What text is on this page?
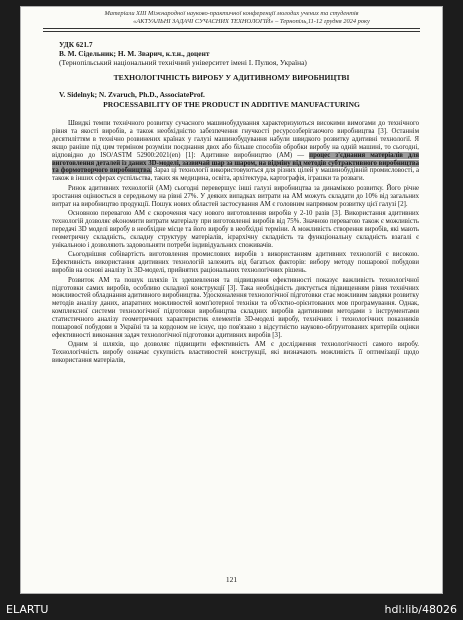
Матеріали XIII Міжнародної науково-практичної конференції молодих учених та студентів
«АКТУАЛЬНІ ЗАДАЧІ СУЧАСНИХ ТЕХНОЛОГІЙ» – Тернопіль,11-12 грудня 2024 року
УДК 621.7
В. М. Сідельник; Н. М. Зварич, к.т.н., доцент
(Тернопільський національний технічний університет імені І. Пулюя, Україна)
ТЕХНОЛОГІЧНІСТЬ ВИРОБУ У АДИТИВНОМУ ВИРОБНИЦТВІ
V. Sidelnyk; N. Zvaruch, Ph.D., AssociateProf.
PROCESSABILITY OF THE PRODUCT IN ADDITIVE MANUFACTURING

Швидкі темпи технічного розвитку сучасного машинобудування характеризуються високими вимогами до технічного рівня та якості виробів, а також необхідністю забезпечення гнучкості ресурсозберігаючого виробництва [3]. Останнім десятиліттям в технічно розвинених країнах у галузі машинобудування набули швидкого розвитку адитивні технології. Я якщо раніше під цим терміном розуміли поєднання двох або більше способів обробки виробу на одній машині, то сьогодні, відповідно до ISO/ASTM 52900:2021(en) [1]: Адитивне виробництво (АМ) — процес з'єднання матеріалів для виготовлення деталей із даних 3D-моделі, зазвичай шар за шаром, на відміну від методів субтрактивного виробництва та формотворчого виробництва. Зараз ці технології використовуються для різних цілей у машинобудівній промисловості, а також в інших сферах суспільства, таких як медицина, освіта, архітектура, картографія, іграшки та розваги.

Ринок адитивних технологій (АМ) сьогодні перевершує інші галузі виробництва за динамікою розвитку. Його річне зростання оцінюється в середньому на рівні 27%. У деяких випадках витрати на АМ можуть складати до 10% від загальних витрат на виробництво продукції. Пошук нових областей застосування АМ є головним напрямком розвитку цієї галузі [2].

Основною перевагою АМ є скорочення часу нового виготовлення виробів у 2-10 разів [3]. Використання адитивних технологій дозволяє økономити витрати матеріалу при виготовленні виробів від 75%. Значною перевагою також є можливість передачі 3D моделі виробу в необхідне місце та його виробу в необхідні терміни. А можливість створення виробів, які мають геометричну складність, складну структуру матеріалів, ієрархічну складність та функціональну складність взагалі є унікальною і дозволяють задовольняти потреби індивідуальних споживачів.

Сьогоднішня собівартість виготовлення промислових виробів з використанням адитивних технологій є високою. Ефективність використання адитивних технологій залежить від багатьох факторів: вибору методу пошарової побудови виробів на основі аналізу їх 3D-моделі, прийнятих раціональних технологічних рішень.

Розвиток АМ та пошук шляхів їх здешевлення та підвищення ефективності показує важливість технологічної підготовки самих виробів, особливо складної конструкції [3]. Така необхідність диктується підвищенням рівня технічних можливостей обладнання адитивного виробництва. Удосконалення технологічної підготовки стає можливим завдяки розвитку методів аналізу даних, апаратних можливостей комп'ютерної техніки та об'єктно-орієнтованих мов програмування. Однак, комплексної системи технологічної підготовки виробництва складних виробів адитивними методами з інструментами статистичного аналізу геометричних характеристик елементів 3D-моделі виробу, технічних і технологічних показників пошарової побудови в Україні та за кордоном не існує, що пов'язано з відсутністю науково-обґрунтованих критеріїв оцінки ефективності виконання задач технологічної підготовки адитивних виробів [3].

Одним зі шляхів, що дозволяє підвищити ефективність АМ є дослідження технологічності самого виробу. Технологічність виробу означає сукупність властивостей конструкції, які визначають можливість її оптимізації щодо використання матеріалів,

121
ELARTU	hdl:lib/48026
